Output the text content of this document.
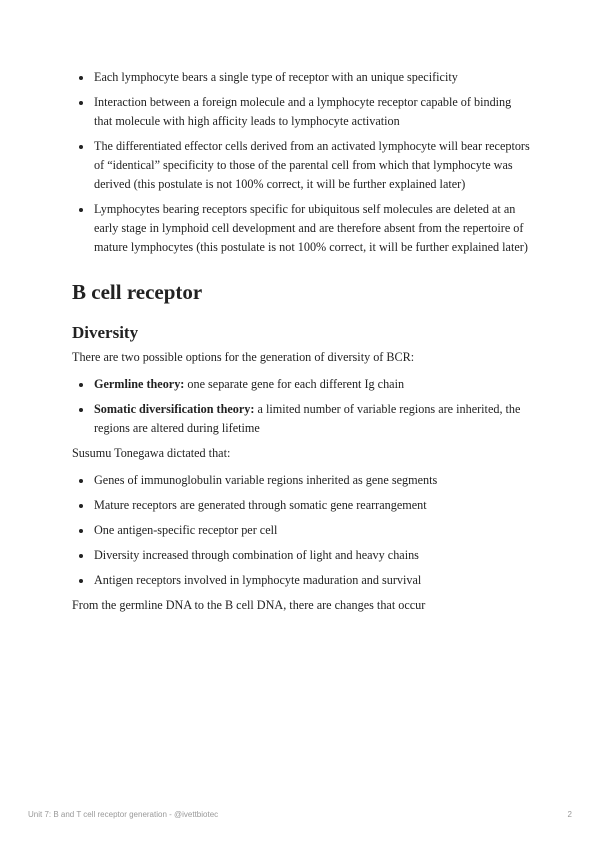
Each lymphocyte bears a single type of receptor with an unique specificity
Interaction between a foreign molecule and a lymphocyte receptor capable of binding that molecule with high afficity leads to lymphocyte activation
The differentiated effector cells derived from an activated lymphocyte will bear receptors of “identical” specificity to those of the parental cell from which that lymphocyte was derived (this postulate is not 100% correct, it will be further explained later)
Lymphocytes bearing receptors specific for ubiquitous self molecules are deleted at an early stage in lymphoid cell development and are therefore absent from the repertoire of mature lymphocytes (this postulate is not 100% correct, it will be further explained later)
B cell receptor
Diversity

There are two possible options for the generation of diversity of BCR:

Germline theory: one separate gene for each different Ig chain
Somatic diversification theory: a limited number of variable regions are inherited, the regions are altered during lifetime

Susumu Tonegawa dictated that:

Genes of immunoglobulin variable regions inherited as gene segments
Mature receptors are generated through somatic gene rearrangement
One antigen-specific receptor per cell
Diversity increased through combination of light and heavy chains
Antigen receptors involved in lymphocyte maduration and survival

From the germline DNA to the B cell DNA, there are changes that occur

Unit 7: B and T cell receptor generation - @ivettbiotec	2
